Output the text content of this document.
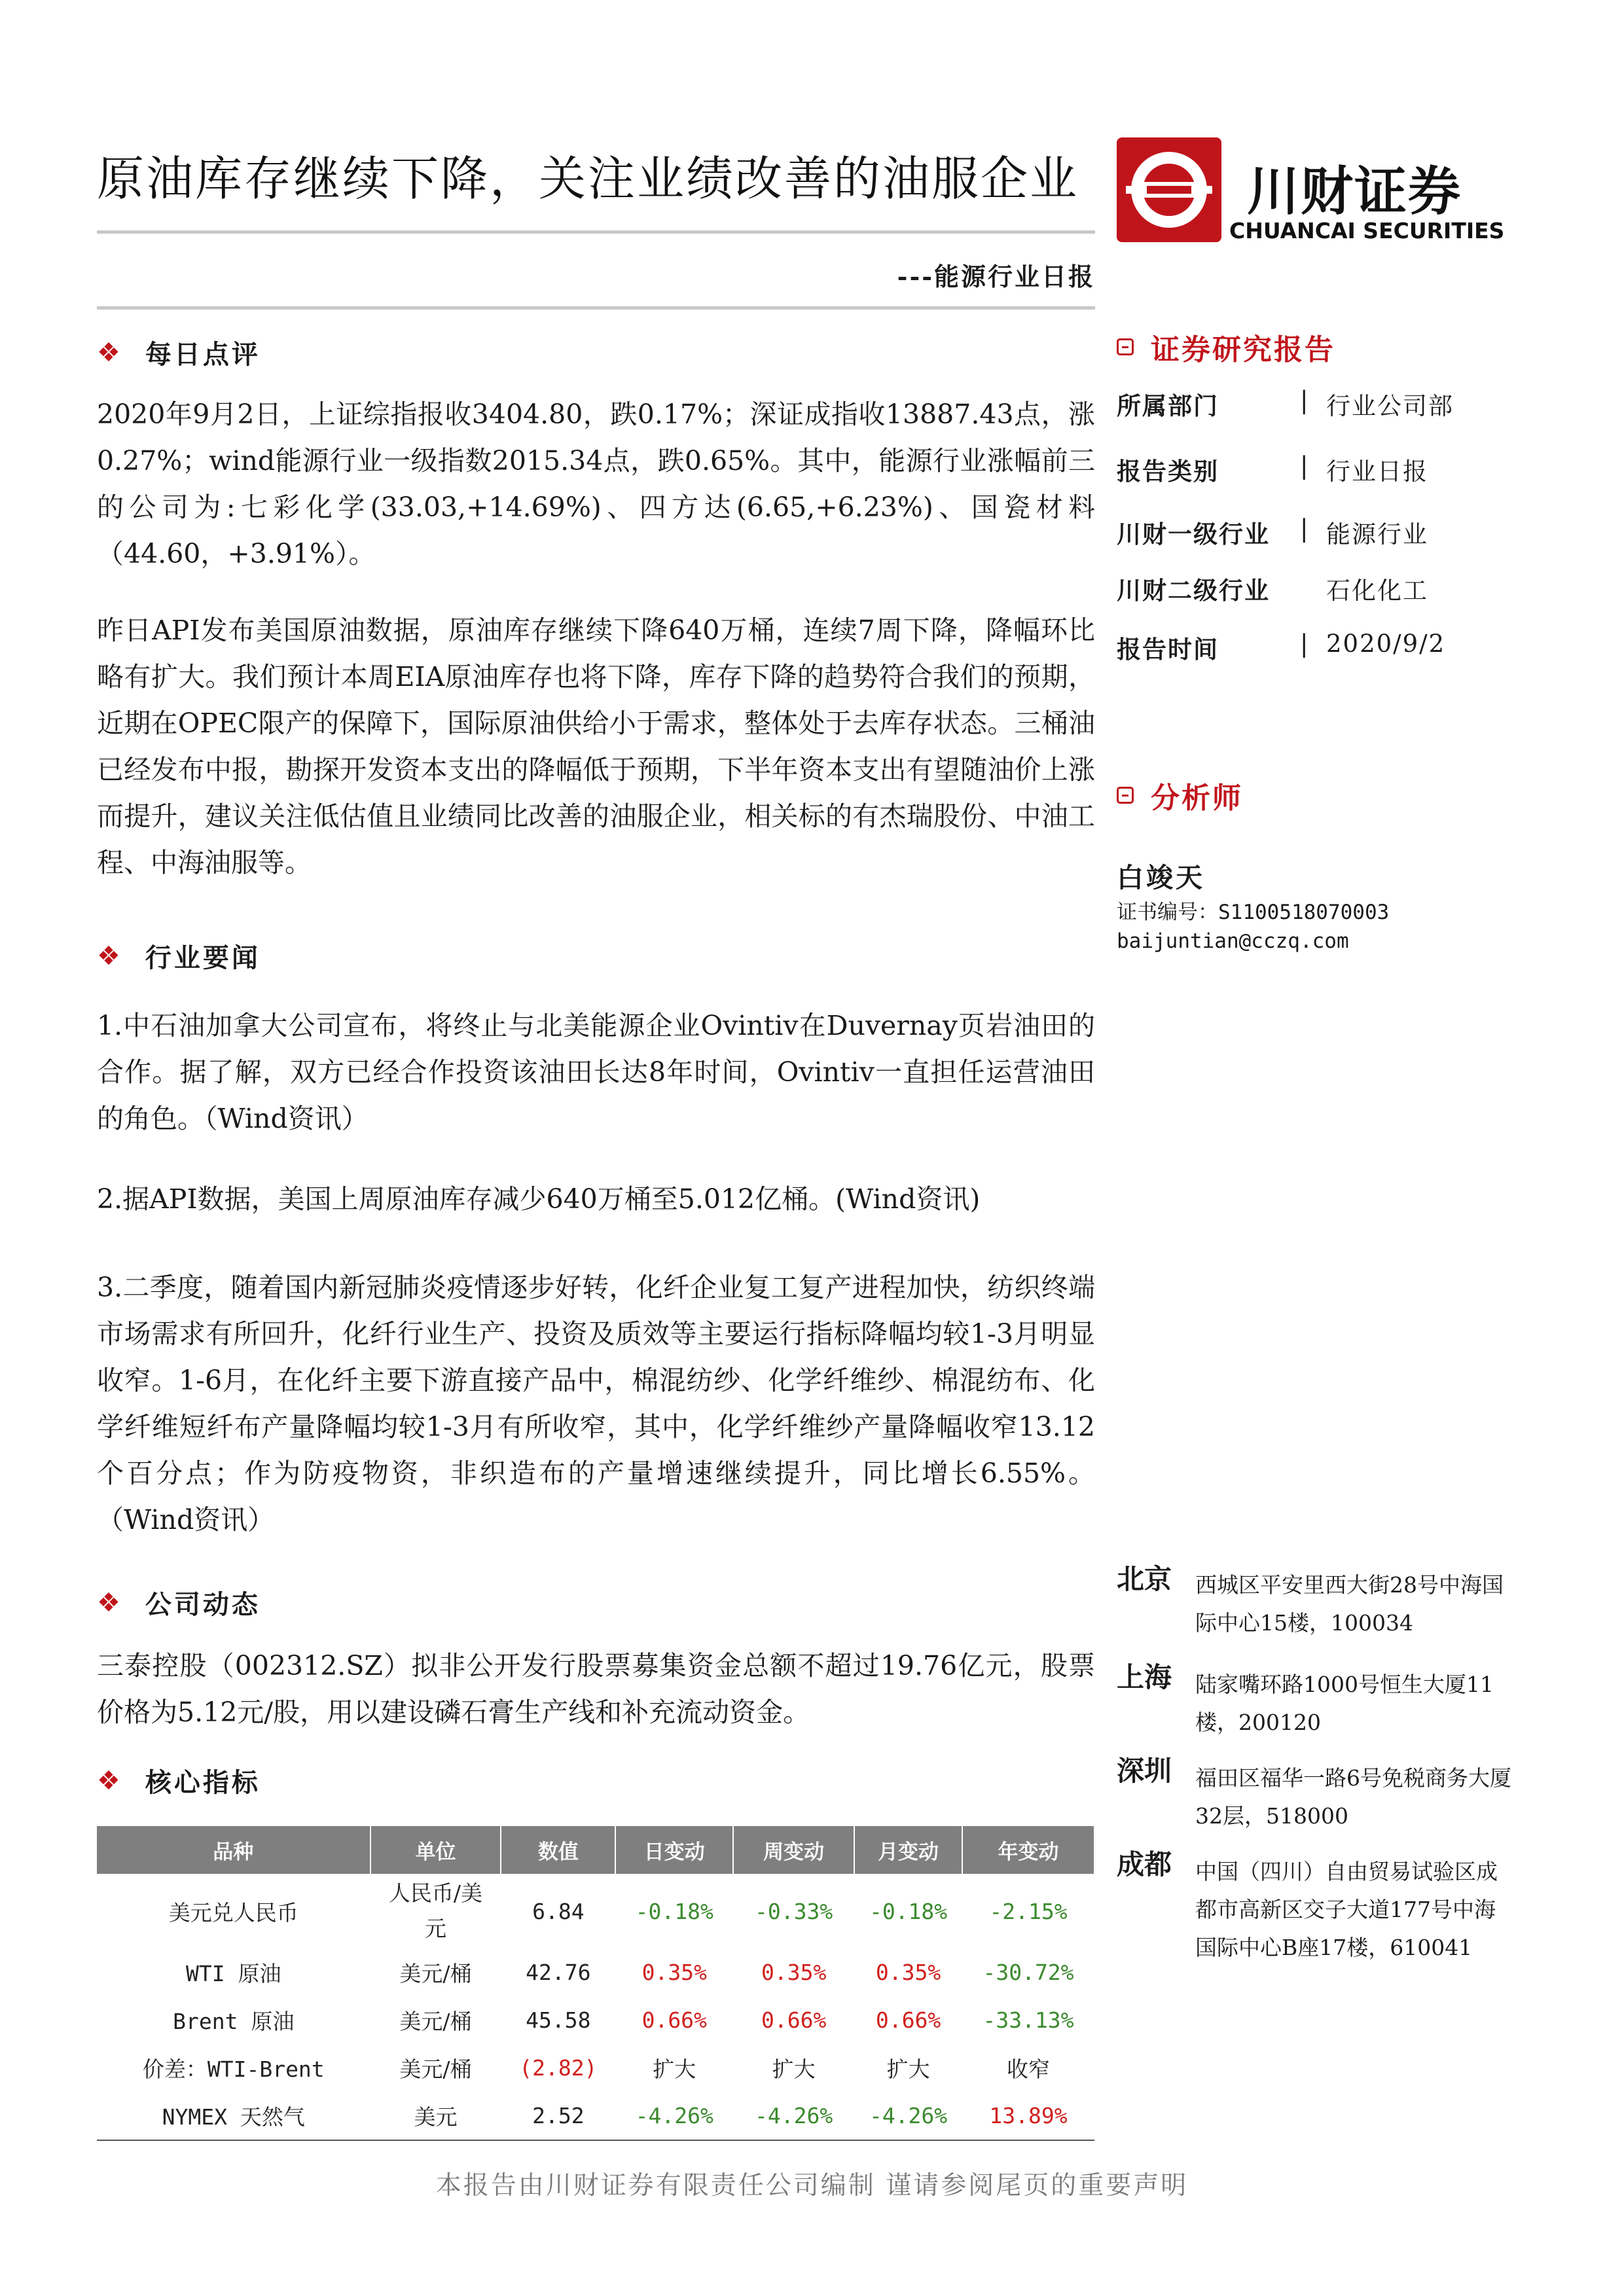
原油库存继续下降，关注业绩改善的油服企业
---能源行业日报
川财证券
CHUANCAI SECURITIES
❖ 每日点评
2020年9月2日，上证综指报收3404.80，跌0.17%；深证成指收13887.43点，涨0.27%；wind能源行业一级指数2015.34点，跌0.65%。其中，能源行业涨幅前三的公司为:七彩化学(33.03,+14.69%)、四方达(6.65,+6.23%)、国瓷材料（44.60，+3.91%）。
昨日API发布美国原油数据，原油库存继续下降640万桶，连续7周下降，降幅环比略有扩大。我们预计本周EIA原油库存也将下降，库存下降的趋势符合我们的预期，近期在OPEC限产的保障下，国际原油供给小于需求，整体处于去库存状态。三桶油已经发布中报，勘探开发资本支出的降幅低于预期，下半年资本支出有望随油价上涨而提升，建议关注低估值且业绩同比改善的油服企业，相关标的有杰瑞股份、中油工程、中海油服等。
❖ 行业要闻
1.中石油加拿大公司宣布，将终止与北美能源企业Ovintiv在Duvernay页岩油田的合作。据了解，双方已经合作投资该油田长达8年时间，Ovintiv一直担任运营油田的角色。（Wind资讯）
2.据API数据，美国上周原油库存减少640万桶至5.012亿桶。(Wind资讯)
3.二季度，随着国内新冠肺炎疫情逐步好转，化纤企业复工复产进程加快，纺织终端市场需求有所回升，化纤行业生产、投资及质效等主要运行指标降幅均较1-3月明显收窄。1-6月，在化纤主要下游直接产品中，棉混纺纱、化学纤维纱、棉混纺布、化学纤维短纤布产量降幅均较1-3月有所收窄，其中，化学纤维纱产量降幅收窄13.12个百分点；作为防疫物资，非织造布的产量增速继续提升，同比增长6.55%。（Wind资讯）
❖ 公司动态
三泰控股（002312.SZ）拟非公开发行股票募集资金总额不超过19.76亿元，股票价格为5.12元/股，用以建设磷石膏生产线和补充流动资金。
❖ 核心指标
品种	单位	数值	日变动	周变动	月变动	年变动
美元兑人民币	人民币/美元	6.84	-0.18%	-0.33%	-0.18%	-2.15%
WTI 原油	美元/桶	42.76	0.35%	0.35%	0.35%	-30.72%
Brent 原油	美元/桶	45.58	0.66%	0.66%	0.66%	-33.13%
价差：WTI-Brent	美元/桶	(2.82)	扩大	扩大	扩大	收窄
NYMEX 天然气	美元	2.52	-4.26%	-4.26%	-4.26%	13.89%
证券研究报告
所属部门	| 行业公司部
报告类别	| 行业日报
川财一级行业	| 能源行业
川财二级行业	石化化工
报告时间	| 2020/9/2
分析师
白竣天
证书编号：S1100518070003
baijuntian@cczq.com
北京 西城区平安里西大街28号中海国际中心15楼，100034
上海 陆家嘴环路1000号恒生大厦11楼，200120
深圳 福田区福华一路6号免税商务大厦32层，518000
成都 中国（四川）自由贸易试验区成都市高新区交子大道177号中海国际中心B座17楼，610041
本报告由川财证券有限责任公司编制 谨请参阅尾页的重要声明
